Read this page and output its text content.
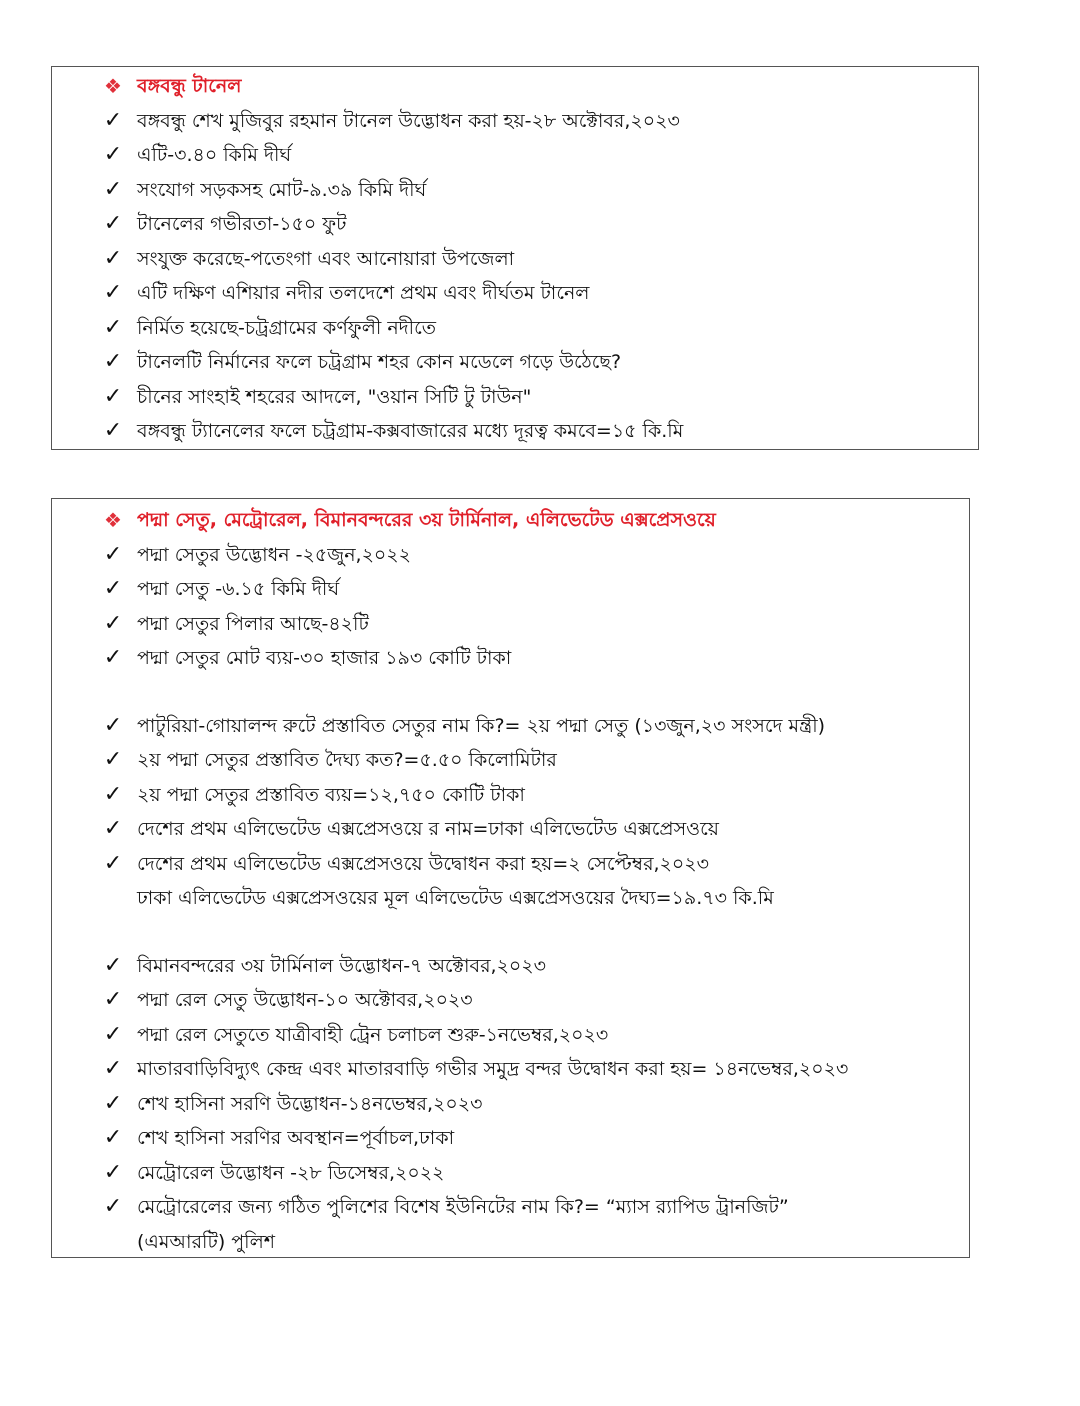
❖ বঙ্গবন্ধু টানেল
✓ বঙ্গবন্ধু শেখ মুজিবুর রহমান টানেল উদ্ভোধন করা হয়-২৮ অক্টোবর,২০২৩
✓ এটি-৩.৪০ কিমি দীর্ঘ
✓ সংযোগ সড়কসহ মোট-৯.৩৯ কিমি দীর্ঘ
✓ টানেলের গভীরতা-১৫০ ফুট
✓ সংযুক্ত করেছে-পতেংগা এবং আনোয়ারা উপজেলা
✓ এটি দক্ষিণ এশিয়ার নদীর তলদেশে প্রথম এবং দীর্ঘতম টানেল
✓ নির্মিত হয়েছে-চট্রগ্রামের কর্ণফুলী নদীতে
✓ টানেলটি নির্মানের ফলে চট্রগ্রাম শহর কোন মডেলে গড়ে উঠেছে?
✓ চীনের সাংহাই শহরের আদলে, "ওয়ান সিটি টু টাউন"
✓ বঙ্গবন্ধু ট্যানেলের ফলে চট্রগ্রাম-কক্সবাজারের মধ্যে দূরত্ব কমবে=১৫ কি.মি
❖ পদ্মা সেতু, মেট্রোরেল, বিমানবন্দরের ৩য় টার্মিনাল, এলিভেটেড এক্সপ্রেসওয়ে
✓ পদ্মা সেতুর উদ্ভোধন -২৫জুন,২০২২
✓ পদ্মা সেতু -৬.১৫ কিমি দীর্ঘ
✓ পদ্মা সেতুর পিলার আছে-৪২টি
✓ পদ্মা সেতুর মোট ব্যয়-৩০ হাজার ১৯৩ কোটি টাকা
✓ পাটুরিয়া-গোয়ালন্দ রুটে প্রস্তাবিত সেতুর নাম কি?= ২য় পদ্মা সেতু (১৩জুন,২৩ সংসদে মন্ত্রী)
✓ ২য় পদ্মা সেতুর প্রস্তাবিত দৈঘ্য কত?=৫.৫০ কিলোমিটার
✓ ২য় পদ্মা সেতুর প্রস্তাবিত ব্যয়=১২,৭৫০ কোটি টাকা
✓ দেশের প্রথম এলিভেটেড এক্সপ্রেসওয়ে র নাম=ঢাকা এলিভেটেড এক্সপ্রেসওয়ে
✓ দেশের প্রথম এলিভেটেড এক্সপ্রেসওয়ে উদ্বোধন করা হয়=২ সেপ্টেম্বর,২০২৩
ঢাকা এলিভেটেড এক্সপ্রেসওয়ের মূল এলিভেটেড এক্সপ্রেসওয়ের দৈঘ্য=১৯.৭৩ কি.মি
✓ বিমানবন্দরের ৩য় টার্মিনাল উদ্ভোধন-৭ অক্টোবর,২০২৩
✓ পদ্মা রেল সেতু উদ্ভোধন-১০ অক্টোবর,২০২৩
✓ পদ্মা রেল সেতুতে যাত্রীবাহী ট্রেন চলাচল শুরু-১নভেম্বর,২০২৩
✓ মাতারবাড়িবিদ্যুৎ কেন্দ্র এবং মাতারবাড়ি গভীর সমুদ্র বন্দর উদ্বোধন করা হয়= ১৪নভেম্বর,২০২৩
✓ শেখ হাসিনা সরণি উদ্ভোধন-১৪নভেম্বর,২০২৩
✓ শেখ হাসিনা সরণির অবস্থান=পূর্বাচল,ঢাকা
✓ মেট্রোরেল উদ্ভোধন -২৮ ডিসেম্বর,২০২২
✓ মেট্রোরেলের জন্য গঠিত পুলিশের বিশেষ ইউনিটের নাম কি?= “ম্যাস র‍্যাপিড ট্রানজিট”
(এমআরটি) পুলিশ
